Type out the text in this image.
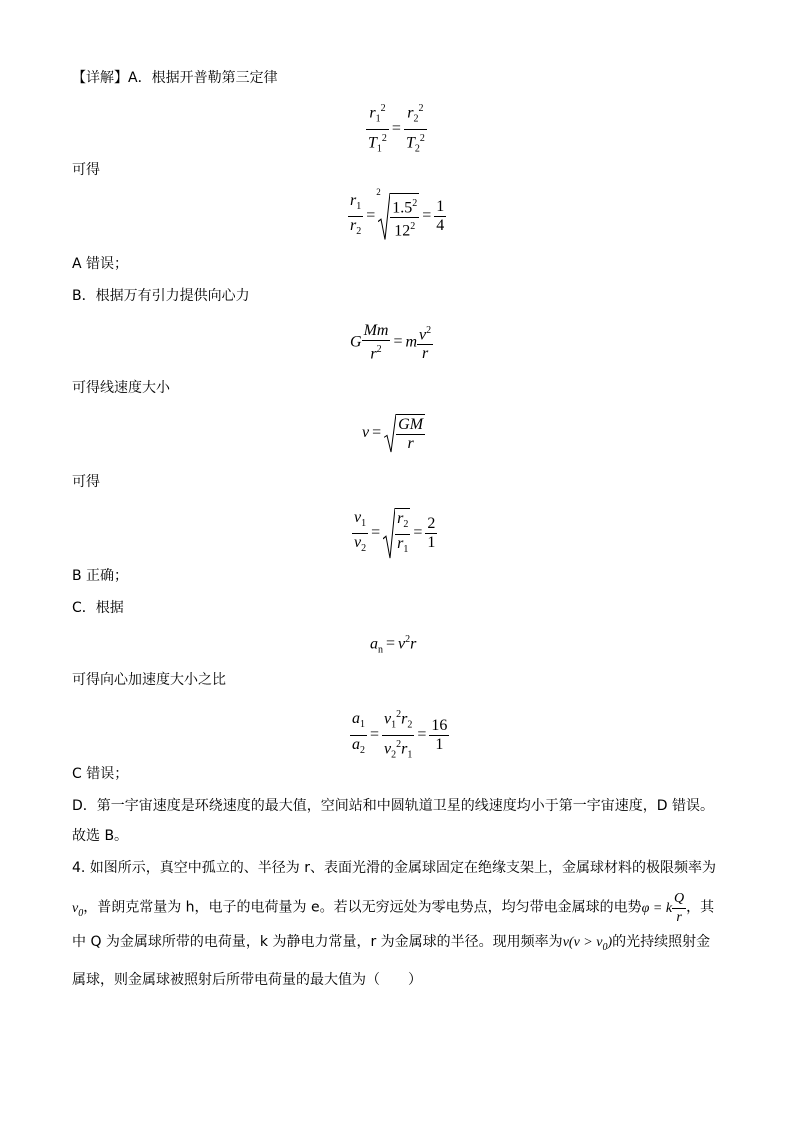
【详解】A．根据开普勒第三定律
$\frac{r_1^2}{T_1^2} = \frac{r_2^2}{T_2^2}$
可得
$\frac{r_1}{r_2}$ =
2
$\frac{1.5^2}{12^2} = \frac{1}{4}$
A 错误；
B．根据万有引力提供向心力
G $\frac{Mm}{r^2} = m \frac{v^2}{r}$
可得线速度大小
$v = \frac{GM}{r}$
可得
$\frac{v_1}{v_2} = \frac{r_2}{r_1} = \frac{2}{1}$
B 正确；
C．根据
$a_n = v^2r$
可得向心加速度大小之比
$\frac{a_1}{a_2} = \frac{v_1^2r_2}{v_2^2r_1} = \frac{16}{1}$
C 错误；
D．第一宇宙速度是环绕速度的最大值，空间站和中圆轨道卫星的线速度均小于第一宇宙速度，D 错误。
故选 B。
4. 如图所示，真空中孤立的、半径为 r、表面光滑的金属球固定在绝缘支架上，金属球材料的极限频率为
$\nu_0$，普朗克常量为 h，电子的电荷量为 e。若以无穷远处为零电势点，均匀带电金属球的电势φ = k $\frac{Q}{r}$ ，其
中 Q 为金属球所带的电荷量，k 为静电力常量，r 为金属球的半径。现用频率为$\nu(\nu > \nu_0)$的光持续照射金
属球，则金属球被照射后所带电荷量的最大值为（　　）
